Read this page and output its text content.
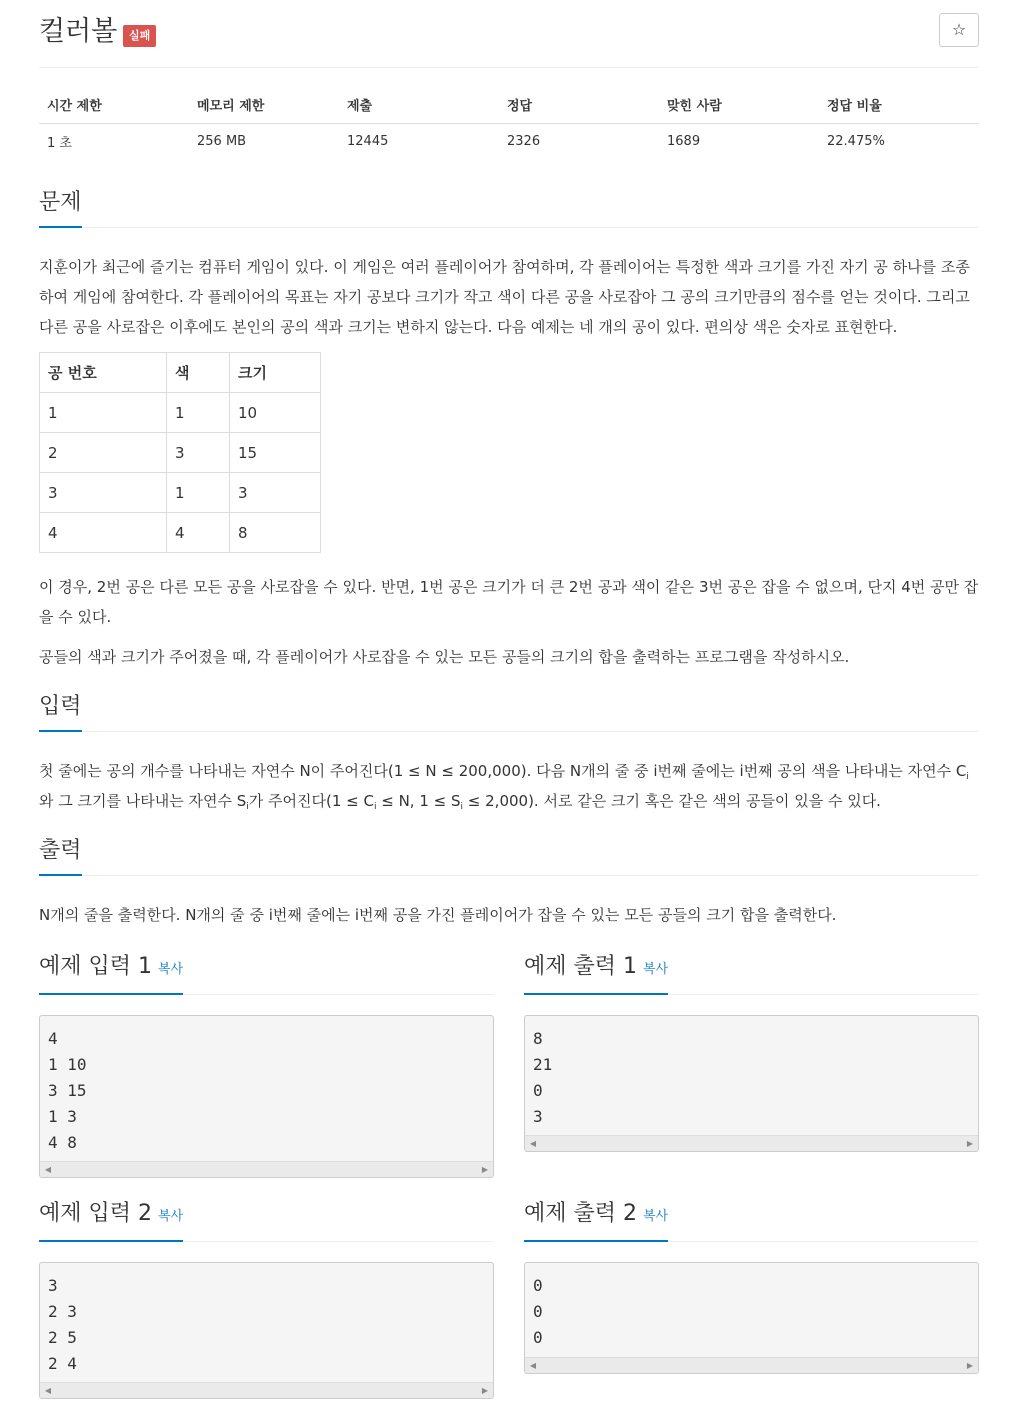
컬러볼	실패	☆
시간 제한	메모리 제한	제출	정답	맞힌 사람	정답 비율
1 초	256 MB	12445	2326	1689	22.475%
문제

지훈이가 최근에 즐기는 컴퓨터 게임이 있다. 이 게임은 여러 플레이어가 참여하며, 각 플레이어는 특정한 색과 크기를 가진 자기 공 하나를 조종하여 게임에 참여한다. 각 플레이어의 목표는 자기 공보다 크기가 작고 색이 다른 공을 사로잡아 그 공의 크기만큼의 점수를 얻는 것이다. 그리고 다른 공을 사로잡은 이후에도 본인의 공의 색과 크기는 변하지 않는다. 다음 예제는 네 개의 공이 있다. 편의상 색은 숫자로 표현한다.

공 번호	색	크기
1	1	10
2	3	15
3	1	3
4	4	8

이 경우, 2번 공은 다른 모든 공을 사로잡을 수 있다. 반면, 1번 공은 크기가 더 큰 2번 공과 색이 같은 3번 공은 잡을 수 없으며, 단지 4번 공만 잡을 수 있다.

공들의 색과 크기가 주어졌을 때, 각 플레이어가 사로잡을 수 있는 모든 공들의 크기의 합을 출력하는 프로그램을 작성하시오.

입력

첫 줄에는 공의 개수를 나타내는 자연수 N이 주어진다(1 ≤ N ≤ 200,000). 다음 N개의 줄 중 i번째 줄에는 i번째 공의 색을 나타내는 자연수 $C_i$와 그 크기를 나타내는 자연수 $S_i$가 주어진다($1 \le C_i \le N$, $1 \le S_i \le 2,000$). 서로 같은 크기 혹은 같은 색의 공들이 있을 수 있다.

출력

N개의 줄을 출력한다. N개의 줄 중 i번째 줄에는 i번째 공을 가진 플레이어가 잡을 수 있는 모든 공들의 크기 합을 출력한다.

예제 입력 1 복사
4
1 10
3 15
1 3
4 8
◀	▶
예제 출력 1 복사
8
21
0
3
◀	▶
예제 입력 2 복사
3
2 3
2 5
2 4
◀	▶
예제 출력 2 복사
0
0
0
◀	▶
